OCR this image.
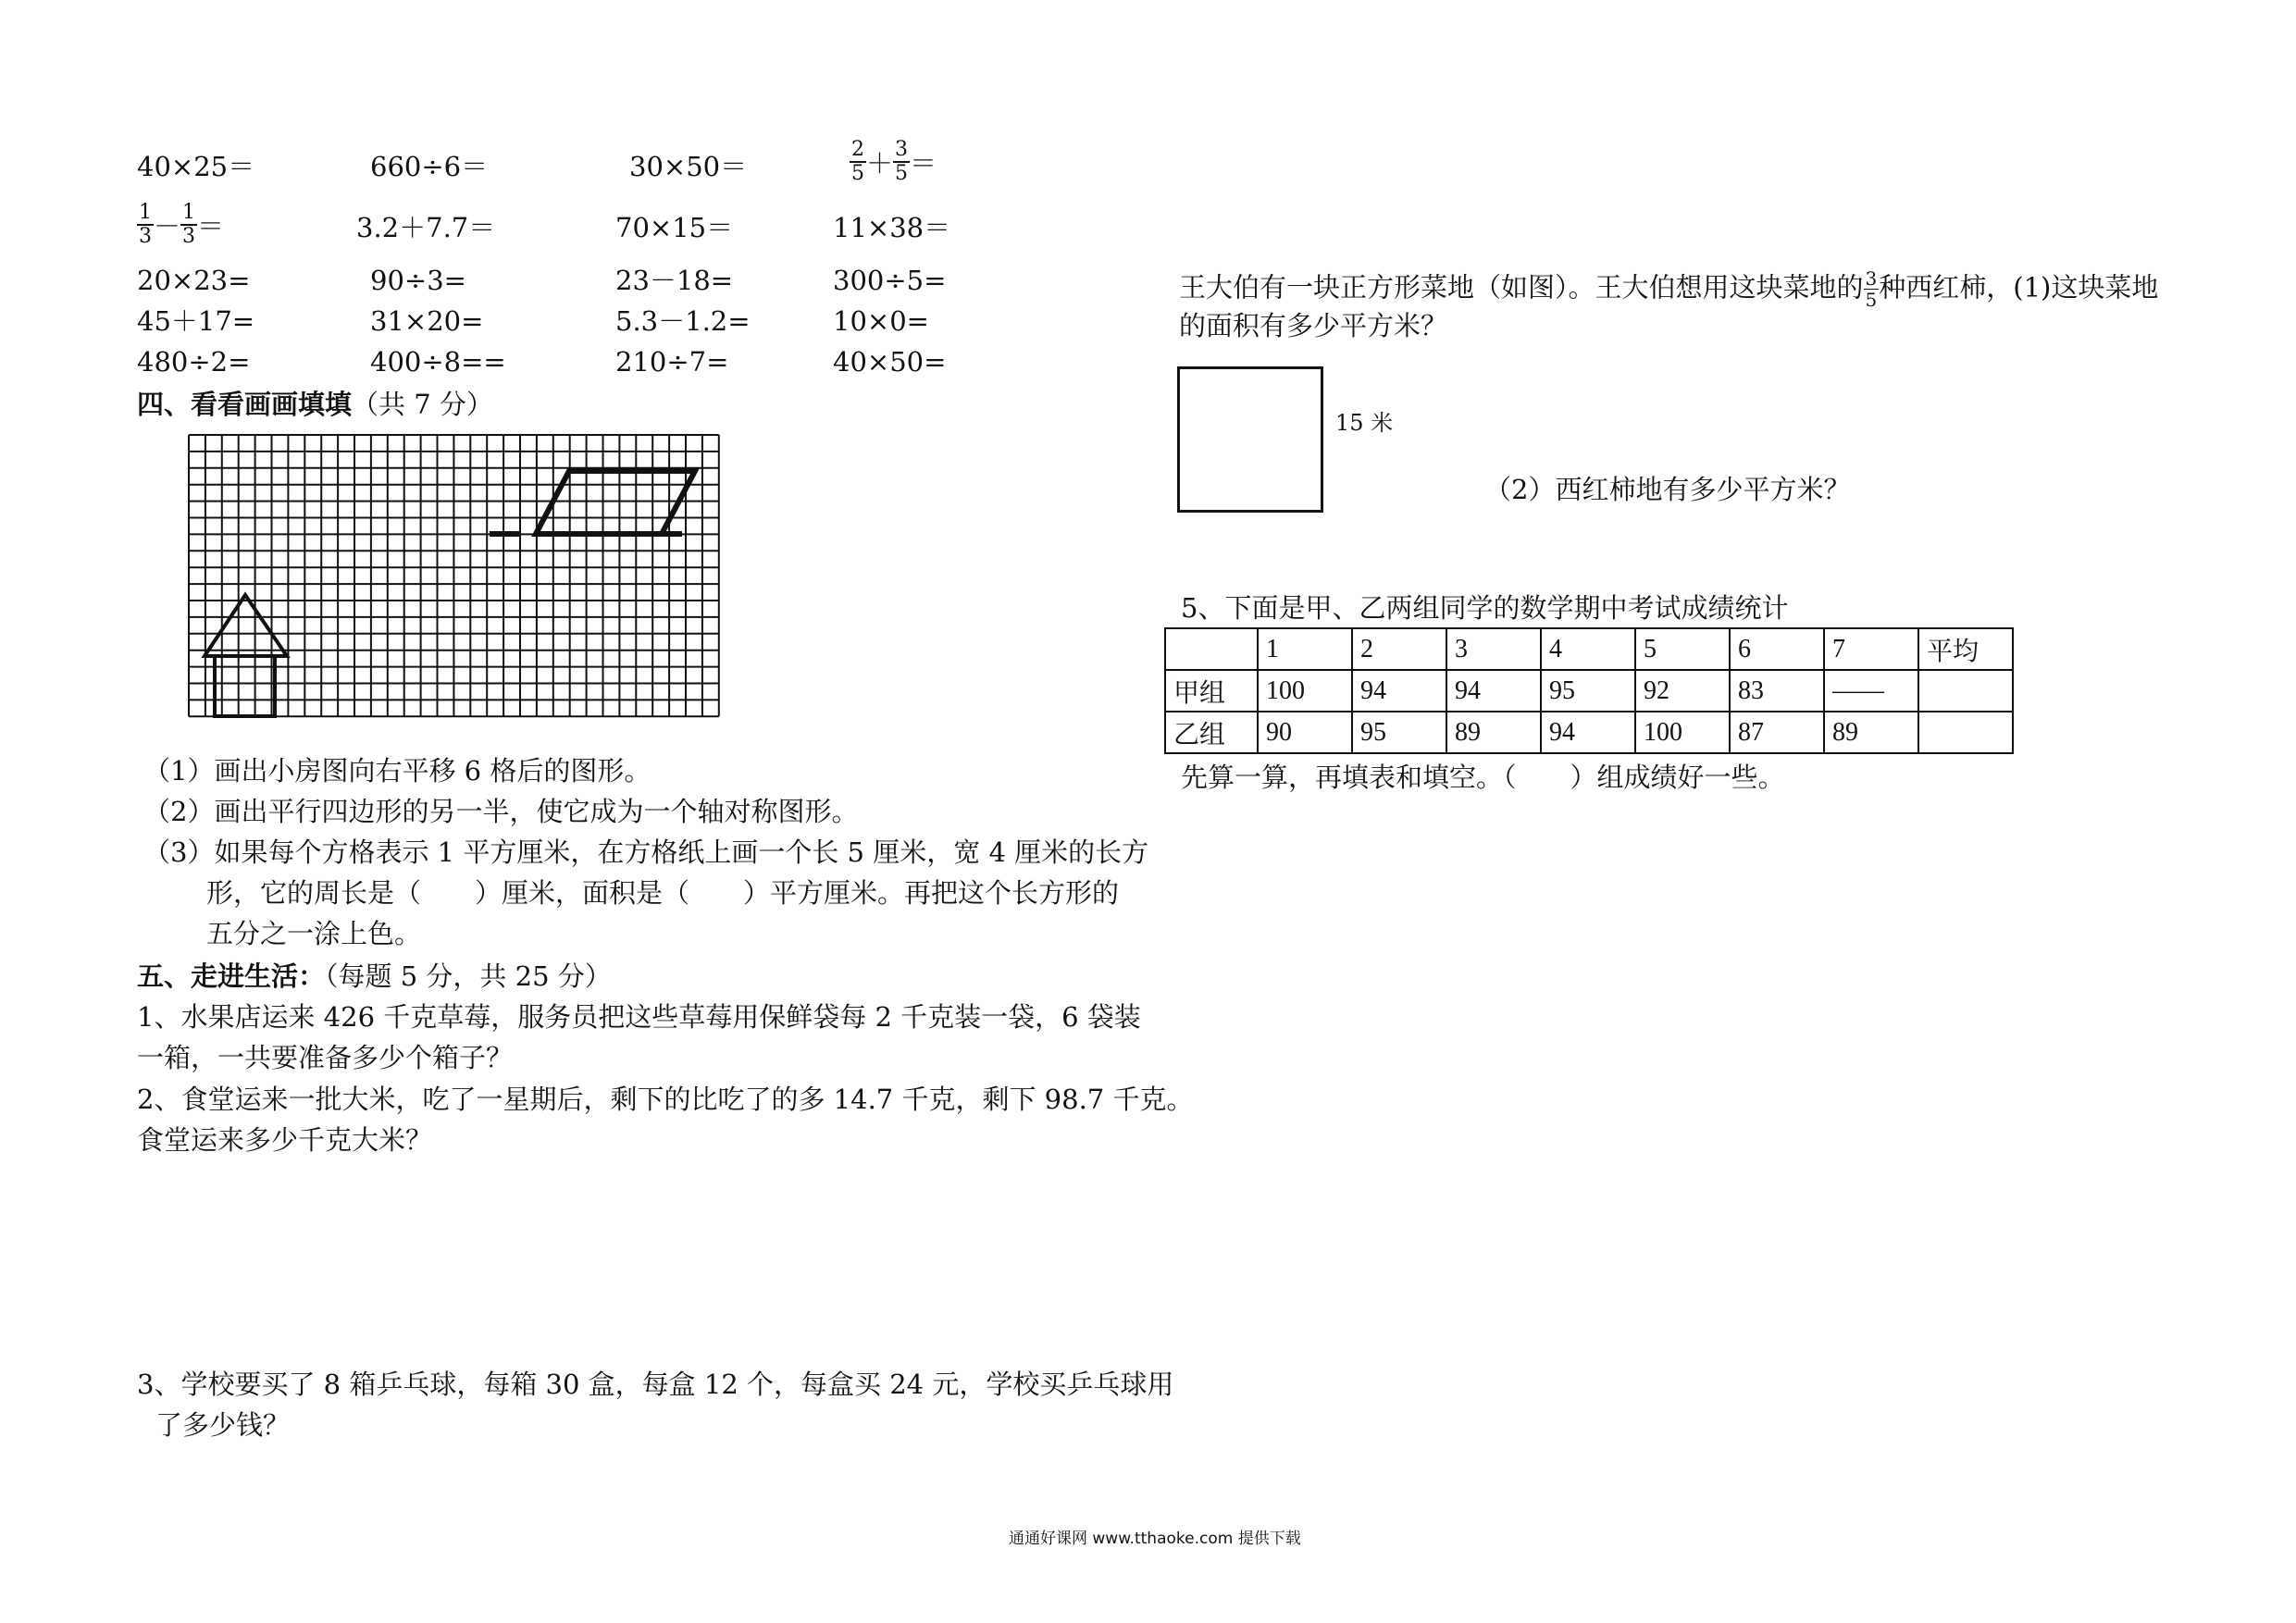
40×25＝	660÷6＝	30×50＝	$\frac{2}{5} + \frac{3}{5}$ ＝
$\frac{1}{3} - \frac{1}{3}$ ＝	3.2＋7.7＝	70×15＝	11×38＝
20×23=	90÷3=	23－18=	300÷5=
45＋17=	31×20=	5.3－1.2=	10×0=
480÷2=	400÷8==	210÷7=	40×50=
四、看看画画填填（共 7 分）
（1）画出小房图向右平移 6 格后的图形。
（2）画出平行四边形的另一半，使它成为一个轴对称图形。
（3）如果每个方格表示 1 平方厘米，在方格纸上画一个长 5 厘米，宽 4 厘米的长方
形，它的周长是（　　）厘米，面积是（　　）平方厘米。再把这个长方形的
五分之一涂上色。
五、走进生活：（每题 5 分，共 25 分）
1、水果店运来 426 千克草莓，服务员把这些草莓用保鲜袋每 2 千克装一袋，6 袋装
一箱，一共要准备多少个箱子？
2、食堂运来一批大米，吃了一星期后，剩下的比吃了的多 14.7 千克，剩下 98.7 千克。
食堂运来多少千克大米？
3、学校要买了 8 箱乒乓球，每箱 30 盒，每盒 12 个，每盒买 24 元，学校买乒乓球用
了多少钱？
王大伯有一块正方形菜地（如图）。王大伯想用这块菜地的 $\frac{3}{5}$ 种西红柿，(1)这块菜地
的面积有多少平方米？
15 米
（2）西红柿地有多少平方米？
5、下面是甲、乙两组同学的数学期中考试成绩统计
	1	2	3	4	5	6	7	平均
甲组	100	94	94	95	92	83	——	
乙组	90	95	89	94	100	87	89	
先算一算，再填表和填空。（　　）组成绩好一些。
通通好课网 www.tthaoke.com 提供下载
